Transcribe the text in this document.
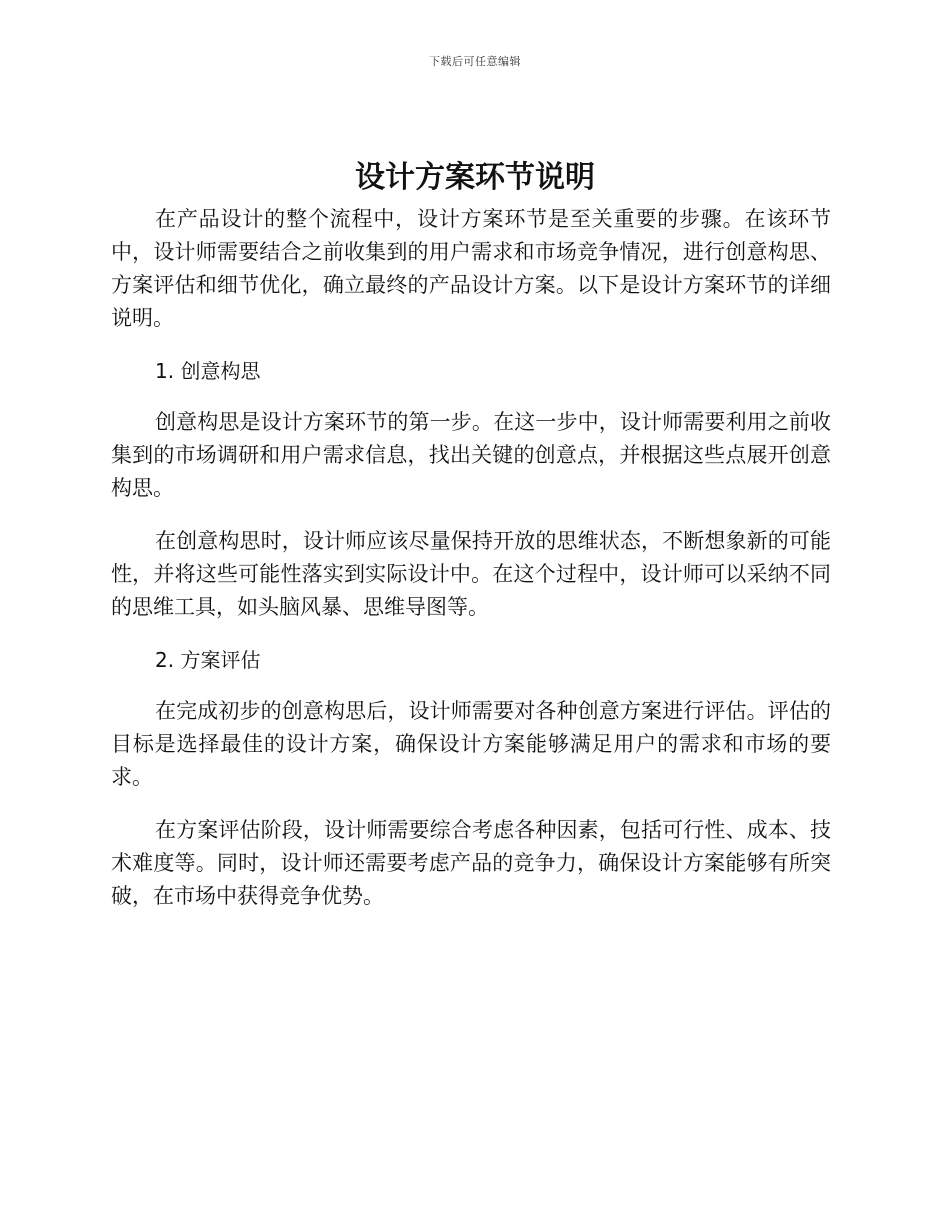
下载后可任意编辑
设计方案环节说明

在产品设计的整个流程中，设计方案环节是至关重要的步骤。在该环节中，设计师需要结合之前收集到的用户需求和市场竞争情况，进行创意构思、方案评估和细节优化，确立最终的产品设计方案。以下是设计方案环节的详细说明。

1. 创意构思

创意构思是设计方案环节的第一步。在这一步中，设计师需要利用之前收集到的市场调研和用户需求信息，找出关键的创意点，并根据这些点展开创意构思。

在创意构思时，设计师应该尽量保持开放的思维状态，不断想象新的可能性，并将这些可能性落实到实际设计中。在这个过程中，设计师可以采纳不同的思维工具，如头脑风暴、思维导图等。

2. 方案评估

在完成初步的创意构思后，设计师需要对各种创意方案进行评估。评估的目标是选择最佳的设计方案，确保设计方案能够满足用户的需求和市场的要求。

在方案评估阶段，设计师需要综合考虑各种因素，包括可行性、成本、技术难度等。同时，设计师还需要考虑产品的竞争力，确保设计方案能够有所突破，在市场中获得竞争优势。
